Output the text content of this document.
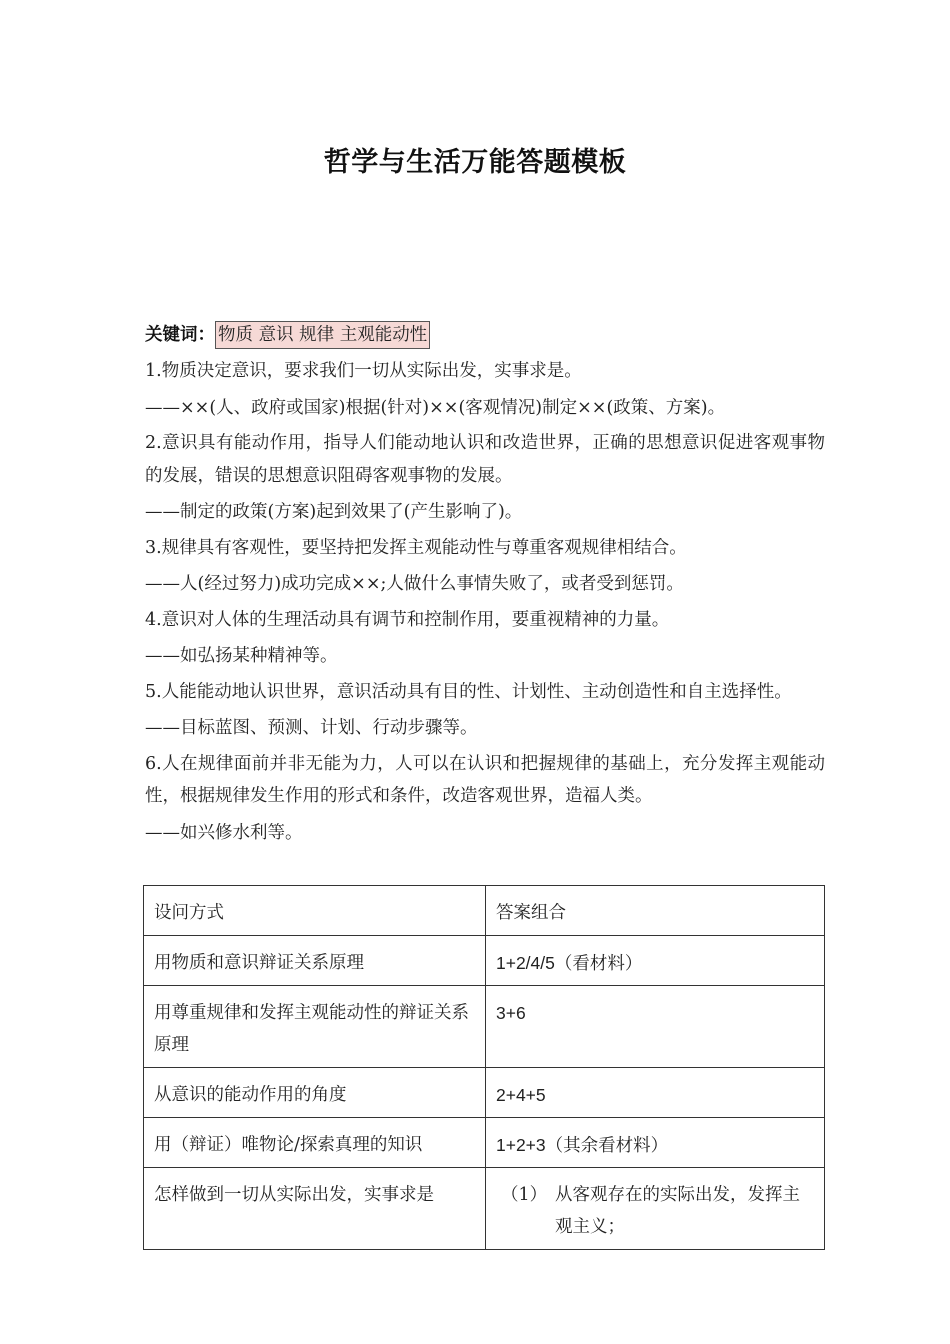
哲学与生活万能答题模板
关键词： 物质 意识 规律 主观能动性

1.物质决定意识，要求我们一切从实际出发，实事求是。

——××(人、政府或国家)根据(针对)××(客观情况)制定××(政策、方案)。

2.意识具有能动作用，指导人们能动地认识和改造世界，正确的思想意识促进客观事物的发展，错误的思想意识阻碍客观事物的发展。

——制定的政策(方案)起到效果了(产生影响了)。

3.规律具有客观性，要坚持把发挥主观能动性与尊重客观规律相结合。

——人(经过努力)成功完成××;人做什么事情失败了，或者受到惩罚。

4.意识对人体的生理活动具有调节和控制作用，要重视精神的力量。

——如弘扬某种精神等。

5.人能能动地认识世界，意识活动具有目的性、计划性、主动创造性和自主选择性。

——目标蓝图、预测、计划、行动步骤等。

6.人在规律面前并非无能为力，人可以在认识和把握规律的基础上，充分发挥主观能动性，根据规律发生作用的形式和条件，改造客观世界，造福人类。

——如兴修水利等。

设问方式	答案组合
用物质和意识辩证关系原理	1+2/4/5（看材料）
用尊重规律和发挥主观能动性的辩证关系原理	3+6
从意识的能动作用的角度	2+4+5
用（辩证）唯物论/探索真理的知识	1+2+3（其余看材料）
怎样做到一切从实际出发，实事求是	（1） 从客观存在的实际出发，发挥主观主义；
